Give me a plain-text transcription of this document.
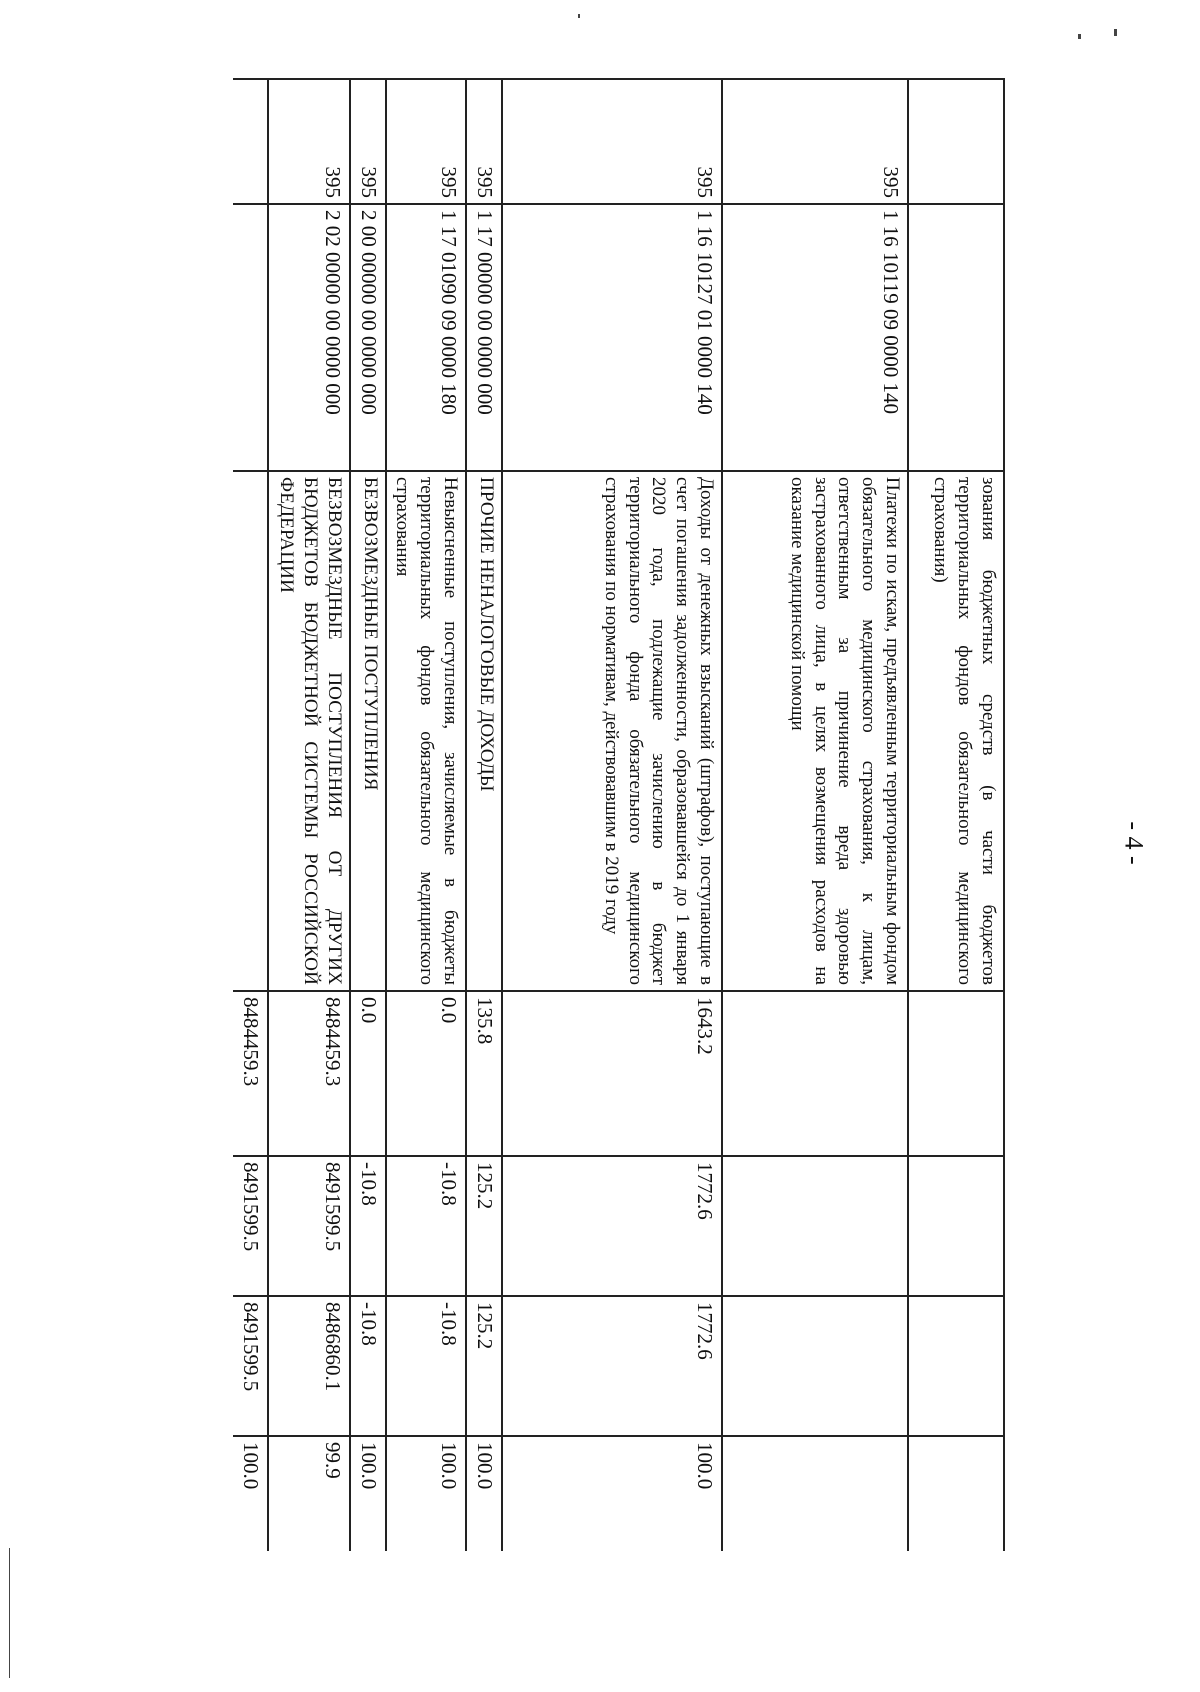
- 4 -
		зования бюджетных средств (в части бюджетов территориальных фондов обязательного медицинского страхования)				
395	1 16 10119 09 0000 140	Платежи по искам, предъявленным территориальным фондом обязательного медицинского страхования, к лицам, ответственным за причинение вреда здоровью застрахованного лица, в целях возмещения расходов на оказание медицинской помощи				
395	1 16 10127 01 0000 140	Доходы от денежных взысканий (штрафов), поступающие в счет погашения задолженности, образовавшейся до 1 января 2020 года, подлежащие зачислению в бюджет территориального фонда обязательного медицинского страхования по нормативам, действовавшим в 2019 году	1643.2	1772.6	1772.6	100.0
395	1 17 00000 00 0000 000	ПРОЧИЕ НЕНАЛОГОВЫЕ ДОХОДЫ	135.8	125.2	125.2	100.0
395	1 17 01090 09 0000 180	Невыясненные поступления, зачисляемые в бюджеты территориальных фондов обязательного медицинского страхования	0.0	-10.8	-10.8	100.0
395	2 00 00000 00 0000 000	БЕЗВОЗМЕЗДНЫЕ ПОСТУПЛЕНИЯ	0.0	-10.8	-10.8	100.0
395	2 02 00000 00 0000 000	БЕЗВОЗМЕЗДНЫЕ ПОСТУПЛЕНИЯ ОТ ДРУГИХ БЮДЖЕТОВ БЮДЖЕТНОЙ СИСТЕМЫ РОССИЙСКОЙ ФЕДЕРАЦИИ	8484459.3	8491599.5	8486860.1	99.9
			8484459.3	8491599.5	8491599.5	100.0
